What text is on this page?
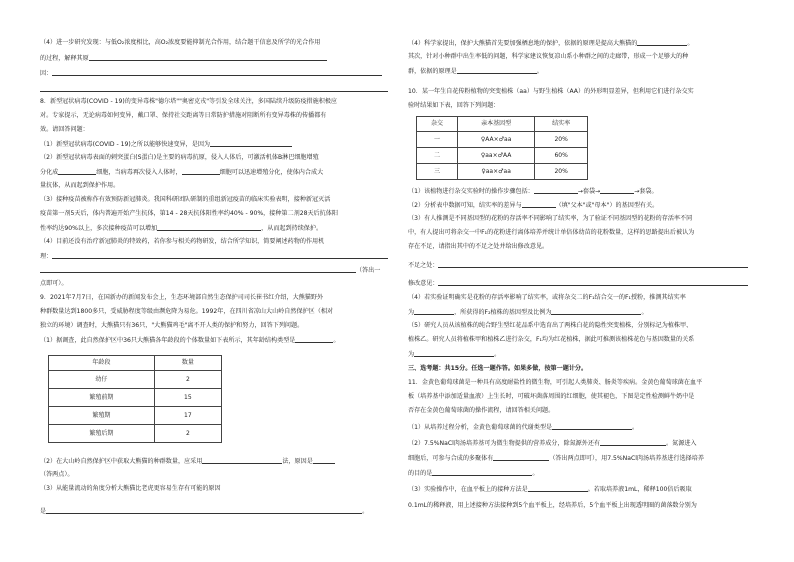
（4）进一步研究发现：与低O₂浓度相比，高O₂浓度要能抑制光合作用，结合题干信息及所学的光合作用
的过程，解释其原
因：
8．新型冠状病毒(COVID - 19)的变异毒株"德尔塔""奥密克戎"等引发全球关注，多国陆续升级防疫措施积极应
对。专家提示，无论病毒如何变异，戴口罩、保持社交距离等日常防护措施对阻断所有变异毒株的传播都有
效。请回答问题：
（1）新型冠状病毒(COVID - 19)之所以能够快速变异，是因为
（2）新型冠状病毒表面的刺突蛋白(S蛋白)是主要的病毒抗原，侵入人体后，可激活机体B淋巴细胞增殖
分化成	细胞，当病毒再次侵入人体时，	细胞可以迅速增殖分化，使体内合成大
量抗体，从而起到保护作用。
（3）接种疫苗被称作有效预防新冠肺炎。我国科研团队研制的重组新冠疫苗的临床实验表明，接种新冠灭活
疫苗第一剂5天后，体内普遍开始产生抗体，第14 - 28天抗体阳性率约40% - 90%，接种第二剂28天后抗体阳
性率约达90%以上，多次接种疫苗可以增加	，从而起到持续保护。
（4）目前还没有治疗新冠肺炎的特效药，若你参与相关药物研发，结合所学知识，简要阐述药物的作用机
理：
（答出一
点即可）。
9．2021年7月7日，在国新办的新闻发布会上，生态环境部自然生态保护司司长崔书红介绍，大熊猫野外
种群数量达到1800多只，受威胁程度等级由濒危降为易危。1992年，在四川省凉山大山岭自然保护区（相对
独立的环境）调查时，大熊猫只有36只，"大熊猫鸡毛"离不开人类的保护和努力，回答下列问题。
（1）据调查，此自然保护区中36只大熊猫各年龄段的个体数量如下表所示，其年龄结构类型是	。
年龄段	数量
幼仔	2
繁殖前期	15
繁殖期	17
繁殖后期	2
（2）在大山岭自然保护区中获取大熊猫的种群数量，应采用	法，原因是
（答两点）。
（3）从能量流动的角度分析大熊猫比老虎更容易生存有可能的原因
是	。
（4）科学家提出，保护大熊猫首先要加强栖息地的保护，依据的原理是提高大熊猫的	。
其次，针对小种群中出生率低的问题，科学家建议恢复凉山系小种群之间的走廊带，形成一个足够大的种
群，依据的原理是	。
10．某一年生自花传粉植物的突变植株（aa）与野生植株（AA）的外形明显差异，但利用它们进行杂交实
验时结果如下表，回答下列问题：
杂交	亲本基因型	结实率
一	♀AA×♂aa	20%
二	♀aa×♂AA	60%
三	♀aa×♂aa	20%
（1）该植物进行杂交实验时的操作步骤包括：	→套袋→	→套袋。
（2）分析表中数据可知，结实率的差异与	（填"父本"或"母本"）的基因型有关。
（3）有人推测是不同基因型的花粉的存活率不同影响了结实率，为了验证不同基因型的花粉的存活率不同
中，有人提出可将杂交一中F₁的花粉进行离体培养并统计单倍体幼苗的花粉数量，这样的思路提出后被认为
存在不足，请指出其中的不足之处并给出修改意见。
不足之处：
修改意见：
（4）若实验证明确实是花粉的存活率影响了结实率，或将杂交二的F₁结合交一的F₁授粉，推测其结实率
为	，所获得的F₂植株的基因型及比例为	。
（5）研究人员从该植株的纯合野生型红花品系中选育出了两株白花的隐性突变植株，分别标记为植株甲、
植株乙。研究人员将植株甲和植株乙进行杂交，F₁均为红花植株，据此可推测该植株花色与基因数量的关系
为	。
三、选考题：共15分。任选一题作答。如果多做，按第一题计分。
11．金黄色葡萄球菌是一种具有高度耐盐性的微生物，可引起人类肺炎、肠炎等疾病。金黄色葡萄球菌在血平
板（培养基中添加适量血液）上生长时，可破坏菌落周围的红细胞，使其褪色，下图是定性检测鲜牛奶中是
否存在金黄色葡萄球菌的操作流程，请回答相关问题。
（1）从培养过程分析，金黄色葡萄球菌的代谢类型是	。
（2）7.5%NaCl肉汤培养基可为微生物提供的营养成分，除氮源外还有	。氮源进入
细胞后，可参与合成的多聚体有	（答出两点即可），用7.5%NaCl肉汤培养基进行选择培养
的目的是	。
（3）实验操作中，在血平板上的接种方法是	。若取培养液1mL，稀释100倍后吸取
0.1mL的稀释液，用上述接种方法接种到5个血平板上，经培养后，5个血平板上出现透明圈的菌落数分别为
